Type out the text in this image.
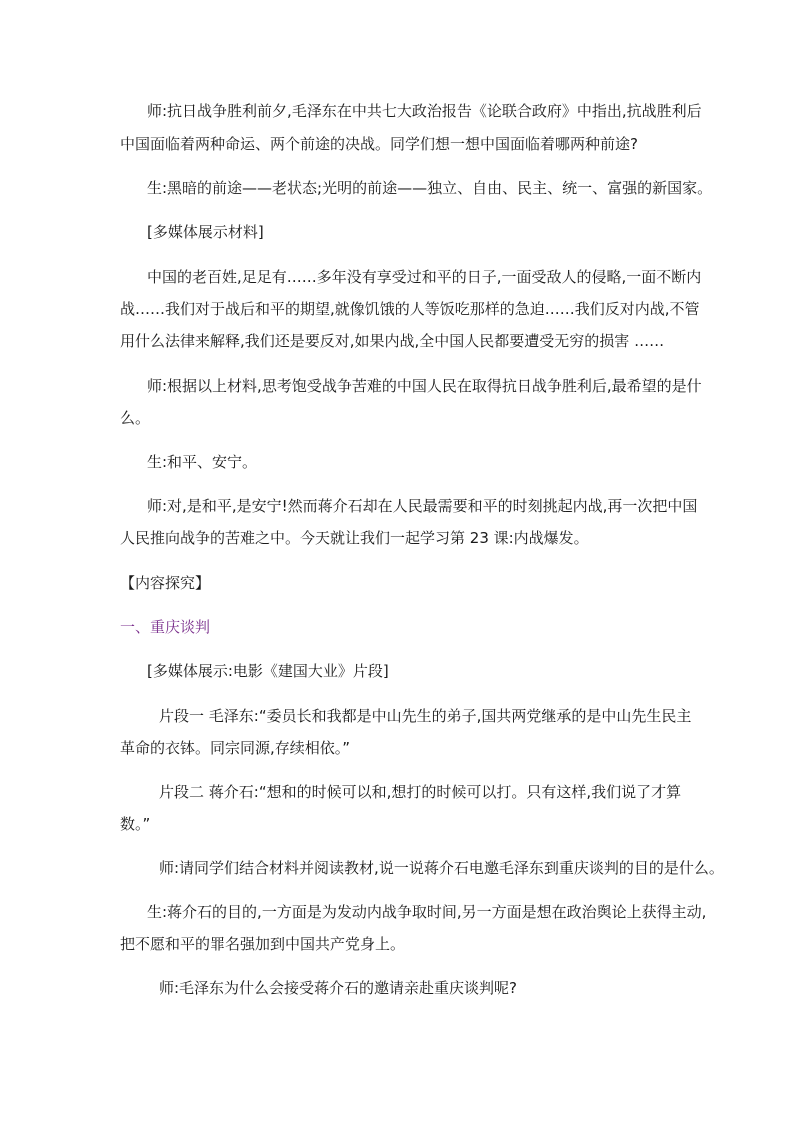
师:抗日战争胜利前夕,毛泽东在中共七大政治报告《论联合政府》中指出,抗战胜利后
中国面临着两种命运、两个前途的决战。同学们想一想中国面临着哪两种前途?
生:黑暗的前途——老状态;光明的前途——独立、自由、民主、统一、富强的新国家。
[多媒体展示材料]
中国的老百姓,足足有……多年没有享受过和平的日子,一面受敌人的侵略,一面不断内
战……我们对于战后和平的期望,就像饥饿的人等饭吃那样的急迫……我们反对内战,不管
用什么法律来解释,我们还是要反对,如果内战,全中国人民都要遭受无穷的损害 ……
师:根据以上材料,思考饱受战争苦难的中国人民在取得抗日战争胜利后,最希望的是什
么。
生:和平、安宁。
师:对,是和平,是安宁!然而蒋介石却在人民最需要和平的时刻挑起内战,再一次把中国
人民推向战争的苦难之中。今天就让我们一起学习第 23 课:内战爆发。
【内容探究】
一、重庆谈判
[多媒体展示:电影《建国大业》片段]
片段一 毛泽东:“委员长和我都是中山先生的弟子,国共两党继承的是中山先生民主
革命的衣钵。同宗同源,存续相依。”
片段二 蒋介石:“想和的时候可以和,想打的时候可以打。只有这样,我们说了才算
数。”
师:请同学们结合材料并阅读教材,说一说蒋介石电邀毛泽东到重庆谈判的目的是什么。
生:蒋介石的目的,一方面是为发动内战争取时间,另一方面是想在政治舆论上获得主动,
把不愿和平的罪名强加到中国共产党身上。
师:毛泽东为什么会接受蒋介石的邀请亲赴重庆谈判呢?
